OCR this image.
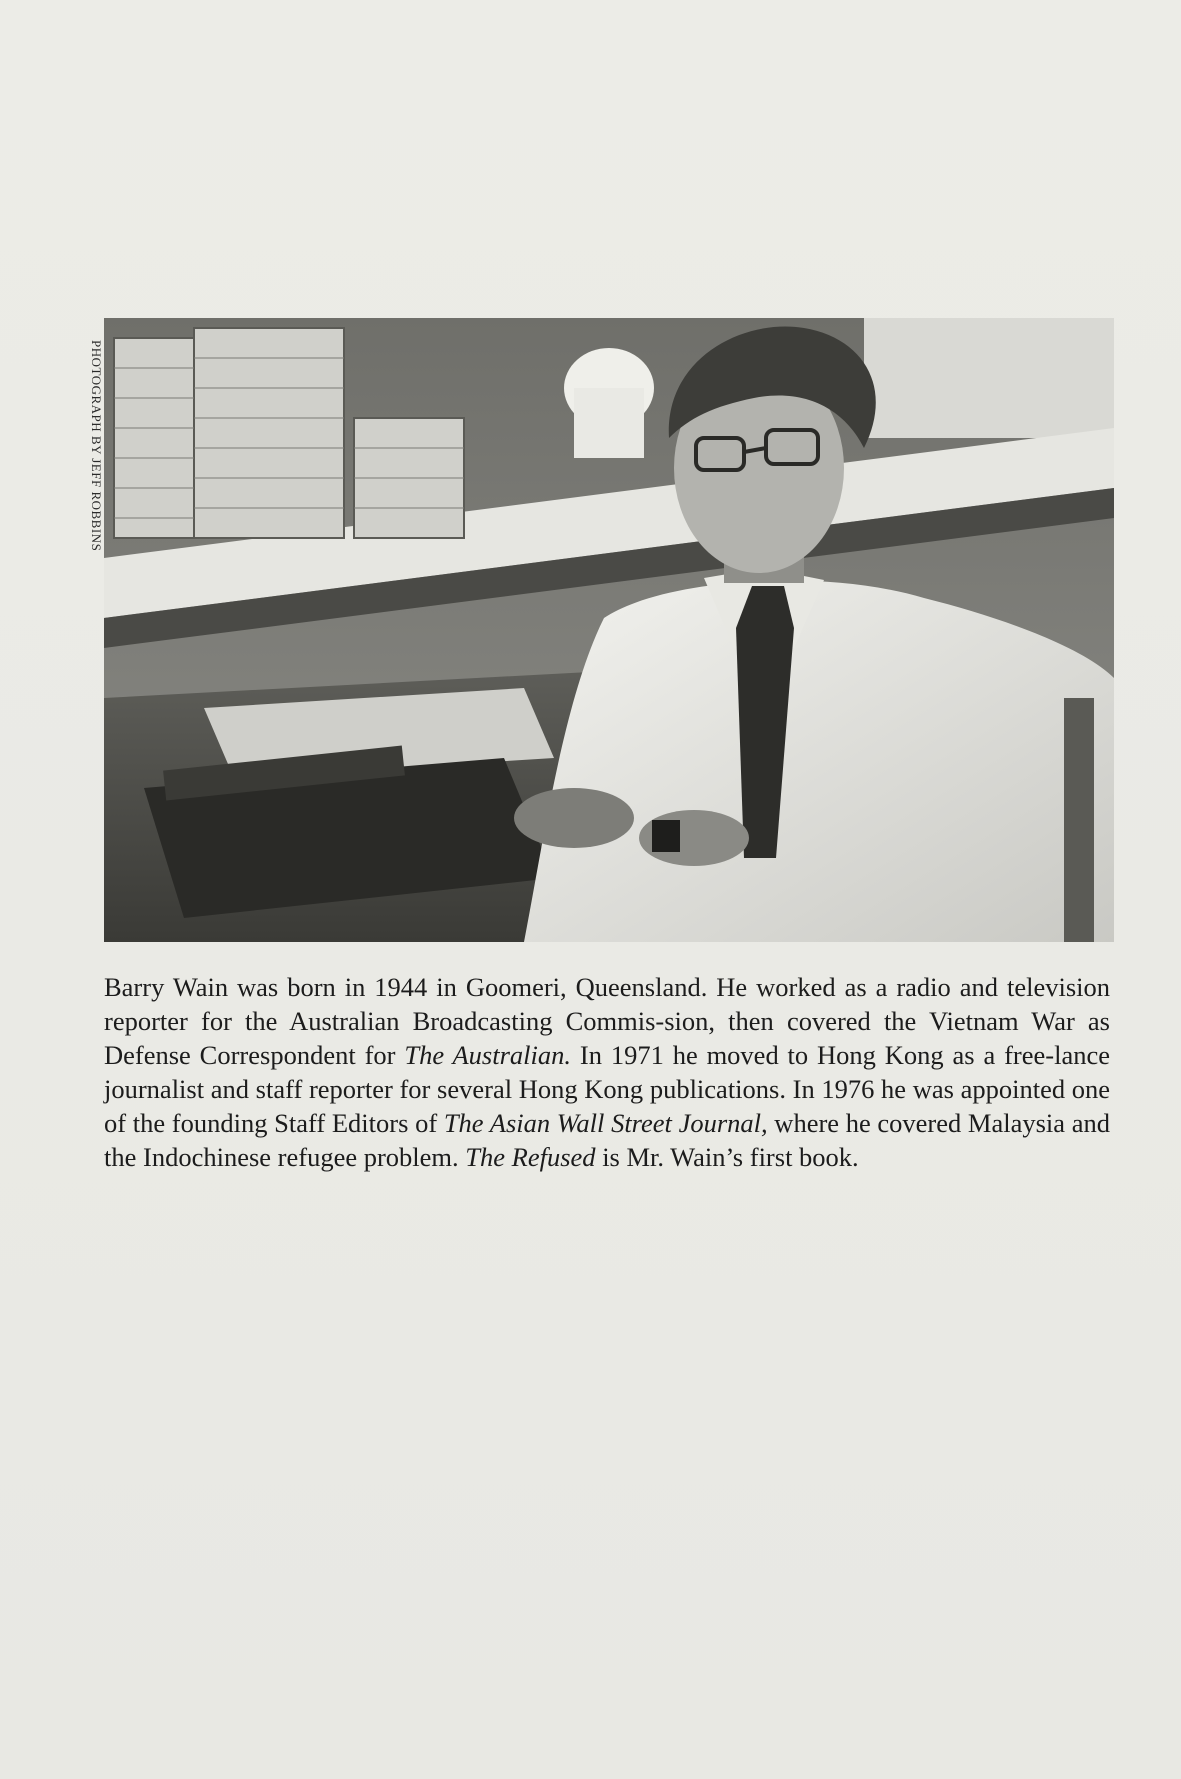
PHOTOGRAPH BY JEFF ROBBINS

Barry Wain was born in 1944 in Goomeri, Queensland. He worked as a radio and television reporter for the Australian Broadcasting Commis-sion, then covered the Vietnam War as Defense Correspondent for The Australian. In 1971 he moved to Hong Kong as a free-lance journalist and staff reporter for several Hong Kong publications. In 1976 he was appointed one of the founding Staff Editors of The Asian Wall Street Journal, where he covered Malaysia and the Indochinese refugee problem. The Refused is Mr. Wain’s first book.
